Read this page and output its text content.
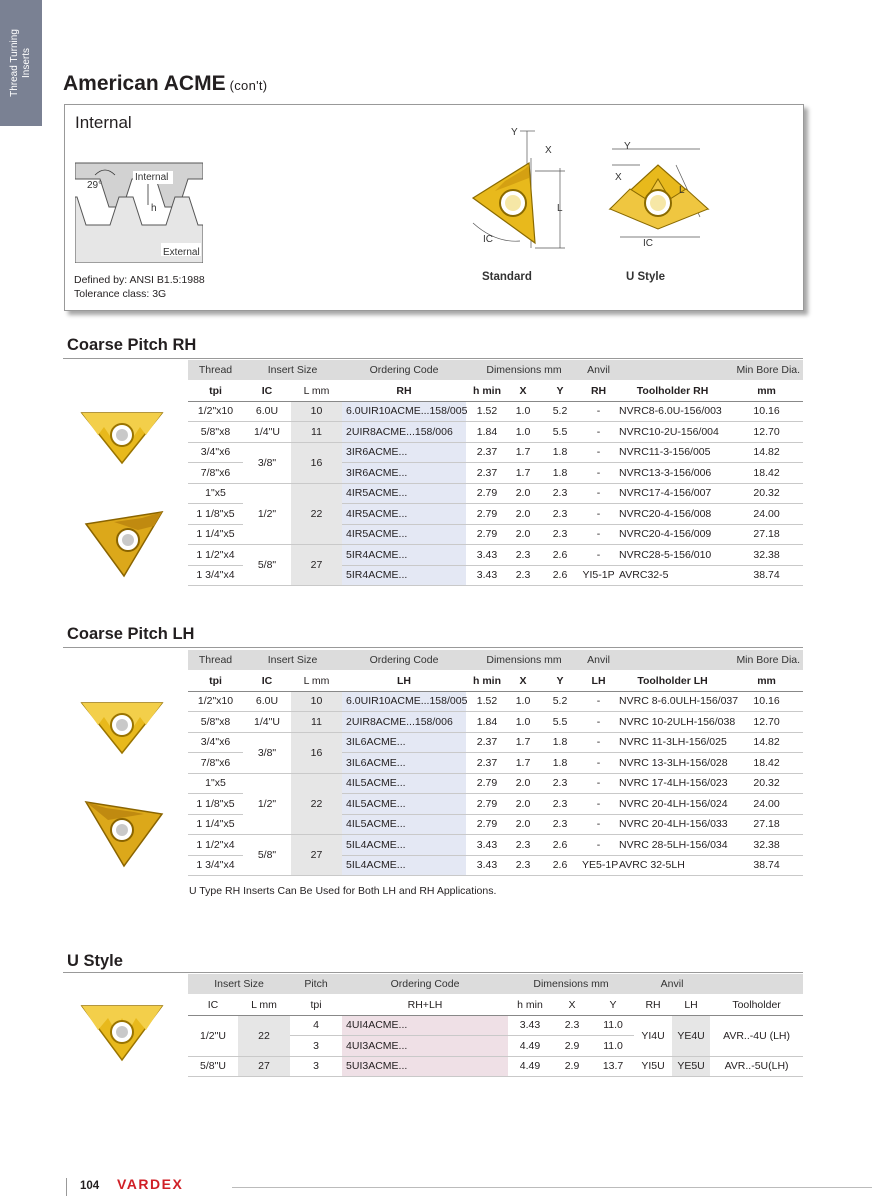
Thread Turning Inserts
American ACME (con't)
Internal
29°
Internal
h
External
Defined by: ANSI B1.5:1988
Tolerance class: 3G
Y
X
L
IC
Y
X
L
IC
Standard	U Style
Coarse Pitch RH
Thread	Insert Size		Ordering Code	Dimensions mm			Anvil		Min Bore Dia.
tpi	IC	L mm	RH	h min	X	Y	RH	Toolholder RH	mm
1/2"x10	6.0U	10	6.0UIR10ACME...158/005	1.52	1.0	5.2	-	NVRC8-6.0U-156/003	10.16
5/8"x8	1/4"U	11	2UIR8ACME...158/006	1.84	1.0	5.5	-	NVRC10-2U-156/004	12.70
3/4"x6	3/8"	16	3IR6ACME...	2.37	1.7	1.8	-	NVRC11-3-156/005	14.82
7/8"x6			3IR6ACME...	2.37	1.7	1.8	-	NVRC13-3-156/006	18.42
1"x5	1/2"	22	4IR5ACME...	2.79	2.0	2.3	-	NVRC17-4-156/007	20.32
1 1/8"x5			4IR5ACME...	2.79	2.0	2.3	-	NVRC20-4-156/008	24.00
1 1/4"x5			4IR5ACME...	2.79	2.0	2.3	-	NVRC20-4-156/009	27.18
1 1/2"x4	5/8"	27	5IR4ACME...	3.43	2.3	2.6	-	NVRC28-5-156/010	32.38
1 3/4"x4			5IR4ACME...	3.43	2.3	2.6	YI5-1P	AVRC32-5	38.74
Coarse Pitch LH
Thread	Insert Size		Ordering Code	Dimensions mm			Anvil		Min Bore Dia.
tpi	IC	L mm	LH	h min	X	Y	LH	Toolholder LH	mm
1/2"x10	6.0U	10	6.0UIR10ACME...158/005	1.52	1.0	5.2	-	NVRC 8-6.0ULH-156/037	10.16
5/8"x8	1/4"U	11	2UIR8ACME...158/006	1.84	1.0	5.5	-	NVRC 10-2ULH-156/038	12.70
3/4"x6	3/8"	16	3IL6ACME...	2.37	1.7	1.8	-	NVRC 11-3LH-156/025	14.82
7/8"x6			3IL6ACME...	2.37	1.7	1.8	-	NVRC 13-3LH-156/028	18.42
1"x5	1/2"	22	4IL5ACME...	2.79	2.0	2.3	-	NVRC 17-4LH-156/023	20.32
1 1/8"x5			4IL5ACME...	2.79	2.0	2.3	-	NVRC 20-4LH-156/024	24.00
1 1/4"x5			4IL5ACME...	2.79	2.0	2.3	-	NVRC 20-4LH-156/033	27.18
1 1/2"x4	5/8"	27	5IL4ACME...	3.43	2.3	2.6	-	NVRC 28-5LH-156/034	32.38
1 3/4"x4			5IL4ACME...	3.43	2.3	2.6	YE5-1P	AVRC 32-5LH	38.74
U Type RH Inserts Can Be Used for Both LH and RH Applications.
U Style
Insert Size		Pitch	Ordering Code	Dimensions mm			Anvil		
IC	L mm	tpi	RH+LH	h min	X	Y	RH	LH	Toolholder
1/2"U	22	4	4UI4ACME...	3.43	2.3	11.0	YI4U	YE4U	AVR..-4U (LH)
		3	4UI3ACME...	4.49	2.9	11.0			
5/8"U	27	3	5UI3ACME...	4.49	2.9	13.7	YI5U	YE5U	AVR..-5U(LH)
104 VARDEX
